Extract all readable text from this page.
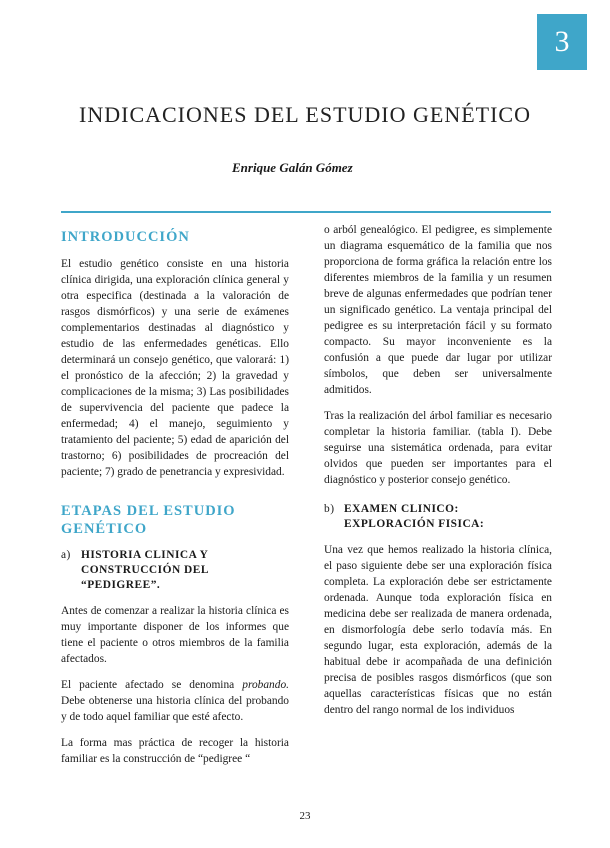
3
INDICACIONES DEL ESTUDIO GENÉTICO
Enrique Galán Gómez
INTRODUCCIÓN

El estudio genético consiste en una historia clínica dirigida, una exploración clínica general y otra especifica (destinada a la valoración de rasgos dismórficos) y una serie de exámenes complementarios destinadas al diagnóstico y estudio de las enfermedades genéticas. Ello determinará un consejo genético, que valorará: 1) el pronóstico de la afección; 2) la gravedad y complicaciones de la misma; 3) Las posibilidades de supervivencia del paciente que padece la enfermedad; 4) el manejo, seguimiento y tratamiento del paciente; 5) edad de aparición del trastorno; 6) posibilidades de procreación del paciente; 7) grado de penetrancia y expresividad.

ETAPAS DEL ESTUDIO GENÉTICO
a) HISTORIA CLINICA Y CONSTRUCCIÓN DEL “PEDIGREE”.

Antes de comenzar a realizar la historia clínica es muy importante disponer de los informes que tiene el paciente o otros miembros de la familia afectados.

El paciente afectado se denomina probando. Debe obtenerse una historia clínica del probando y de todo aquel familiar que esté afecto.

La forma mas práctica de recoger la historia familiar es la construcción de “pedigree “

o arból genealógico. El pedigree, es simplemente un diagrama esquemático de la familia que nos proporciona de forma gráfica la relación entre los diferentes miembros de la familia y un resumen breve de algunas enfermedades que podrían tener un significado genético. La ventaja principal del pedigree es su interpretación fácil y su formato compacto. Su mayor inconveniente es la confusión a que puede dar lugar por utilizar símbolos, que deben ser universalmente admitidos.

Tras la realización del árbol familiar es necesario completar la historia familiar. (tabla I). Debe seguirse una sistemática ordenada, para evitar olvidos que pueden ser importantes para el diagnóstico y posterior consejo genético.

b) EXAMEN CLINICO: EXPLORACIÓN FISICA:

Una vez que hemos realizado la historia clínica, el paso siguiente debe ser una exploración física completa. La exploración debe ser estrictamente ordenada. Aunque toda exploración física en medicina debe ser realizada de manera ordenada, en dismorfología debe serlo todavía más. En segundo lugar, esta exploración, además de la habitual debe ir acompañada de una definición precisa de posibles rasgos dismórficos (que son aquellas características físicas que no están dentro del rango normal de los individuos

23
